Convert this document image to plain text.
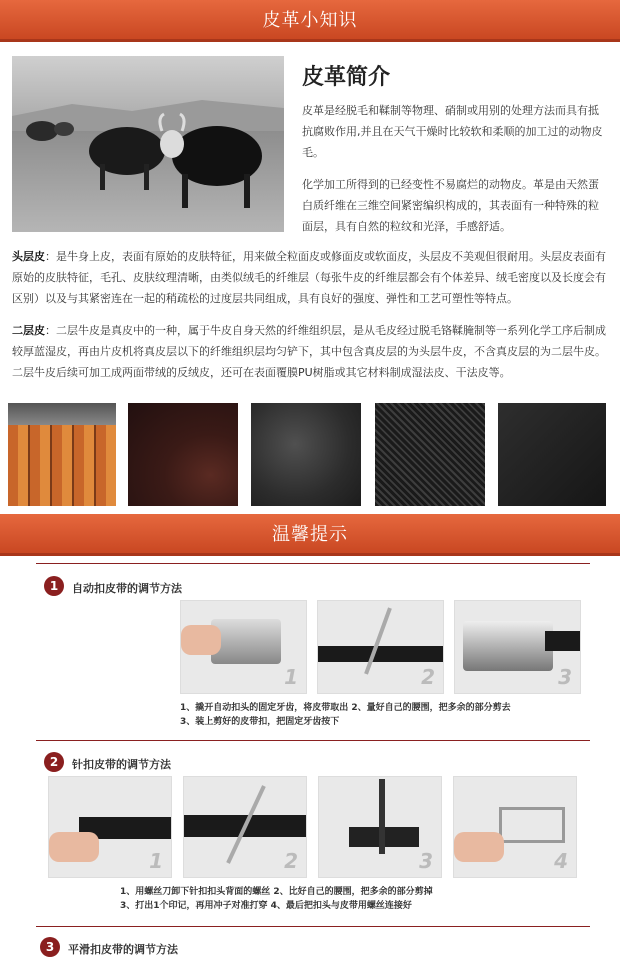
皮革小知识
皮革简介
皮革是经脱毛和鞣制等物理、硝制或用别的处理方法而具有抵抗腐败作用,并且在天气干燥时比较软和柔顺的加工过的动物皮毛。
化学加工所得到的已经变性不易腐烂的动物皮。革是由天然蛋白质纤维在三维空间紧密编织构成的，其表面有一种特殊的粒面层，具有自然的粒纹和光泽，手感舒适。
头层皮：是牛身上皮，表面有原始的皮肤特征，用来做全粒面皮或修面皮或软面皮，头层皮不美观但很耐用。头层皮表面有原始的皮肤特征，毛孔、皮肤纹理清晰，由类似绒毛的纤维层（每张牛皮的纤维层都会有个体差异、绒毛密度以及长度会有区别）以及与其紧密连在一起的稍疏松的过度层共同组成，具有良好的强度、弹性和工艺可塑性等特点。
二层皮：二层牛皮是真皮中的一种，属于牛皮自身天然的纤维组织层，是从毛皮经过脱毛铬鞣腌制等一系列化学工序后制成较厚蓝湿皮，再由片皮机将真皮层以下的纤维组织层均匀铲下，其中包含真皮层的为头层牛皮，不含真皮层的为二层牛皮。二层牛皮后续可加工成两面带绒的反绒皮，还可在表面覆膜PU树脂或其它材料制成湿法皮、干法皮等。
温馨提示
1	自动扣皮带的调节方法
1	2	3
1、撬开自动扣头的固定牙齿，将皮带取出 2、量好自己的腰围，把多余的部分剪去
3、装上剪好的皮带扣，把固定牙齿按下
2	针扣皮带的调节方法
1	2	3	4
1、用螺丝刀卸下针扣扣头背面的螺丝 2、比好自己的腰围，把多余的部分剪掉
3、打出1个印记，再用冲子对准打穿 4、最后把扣头与皮带用螺丝连接好
3	平滑扣皮带的调节方法
